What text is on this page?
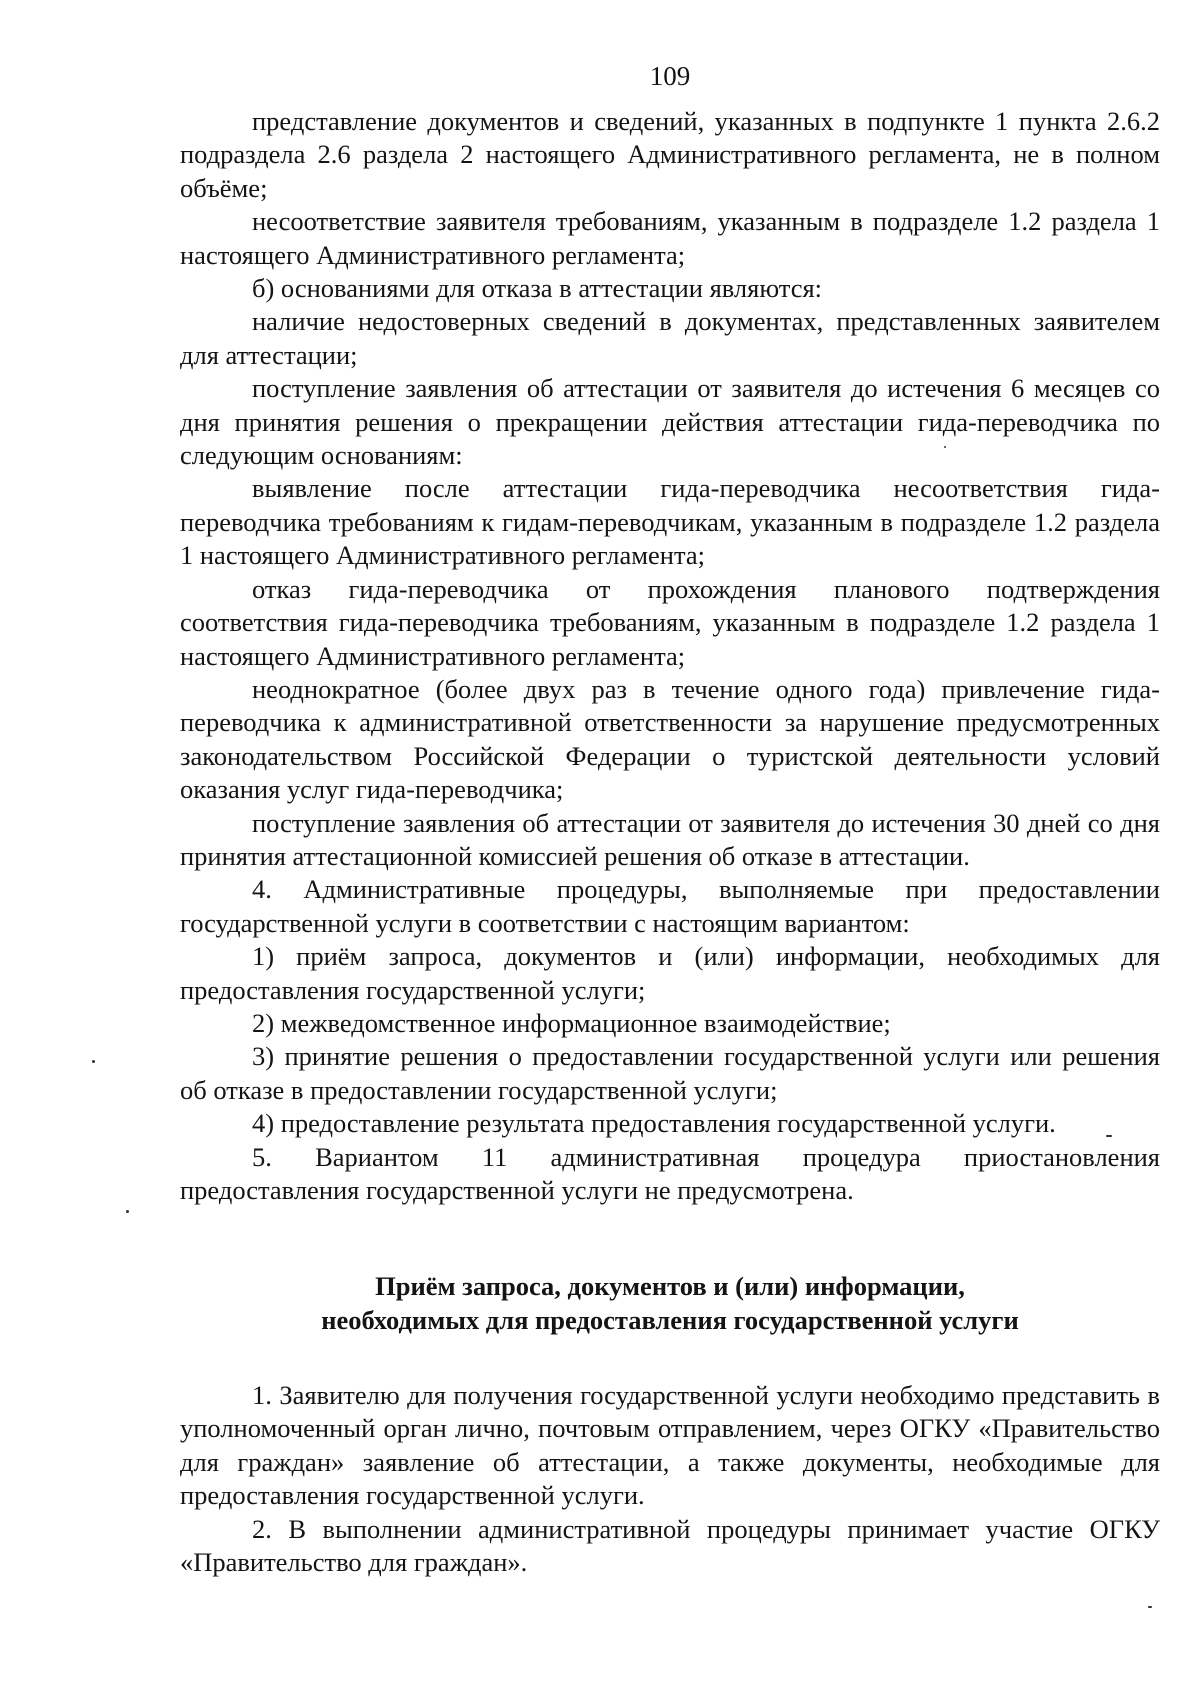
109

представление документов и сведений, указанных в подпункте 1 пункта 2.6.2 подраздела 2.6 раздела 2 настоящего Административного регламента, не в полном объёме;

несоответствие заявителя требованиям, указанным в подразделе 1.2 раздела 1 настоящего Административного регламента;

б) основаниями для отказа в аттестации являются:

наличие недостоверных сведений в документах, представленных заявителем для аттестации;

поступление заявления об аттестации от заявителя до истечения 6 месяцев со дня принятия решения о прекращении действия аттестации гида-переводчика по следующим основаниям:

выявление после аттестации гида-переводчика несоответствия гида-переводчика требованиям к гидам-переводчикам, указанным в подразделе 1.2 раздела 1 настоящего Административного регламента;

отказ гида-переводчика от прохождения планового подтверждения соответствия гида-переводчика требованиям, указанным в подразделе 1.2 раздела 1 настоящего Административного регламента;

неоднократное (более двух раз в течение одного года) привлечение гида-переводчика к административной ответственности за нарушение предусмотренных законодательством Российской Федерации о туристской деятельности условий оказания услуг гида-переводчика;

поступление заявления об аттестации от заявителя до истечения 30 дней со дня принятия аттестационной комиссией решения об отказе в аттестации.

4. Административные процедуры, выполняемые при предоставлении государственной услуги в соответствии с настоящим вариантом:

1) приём запроса, документов и (или) информации, необходимых для предоставления государственной услуги;

2) межведомственное информационное взаимодействие;

3) принятие решения о предоставлении государственной услуги или решения об отказе в предоставлении государственной услуги;

4) предоставление результата предоставления государственной услуги.

5. Вариантом 11 административная процедура приостановления предоставления государственной услуги не предусмотрена.

Приём запроса, документов и (или) информации,
необходимых для предоставления государственной услуги

1. Заявителю для получения государственной услуги необходимо представить в уполномоченный орган лично, почтовым отправлением, через ОГКУ «Правительство для граждан» заявление об аттестации, а также документы, необходимые для предоставления государственной услуги.

2. В выполнении административной процедуры принимает участие ОГКУ «Правительство для граждан».
